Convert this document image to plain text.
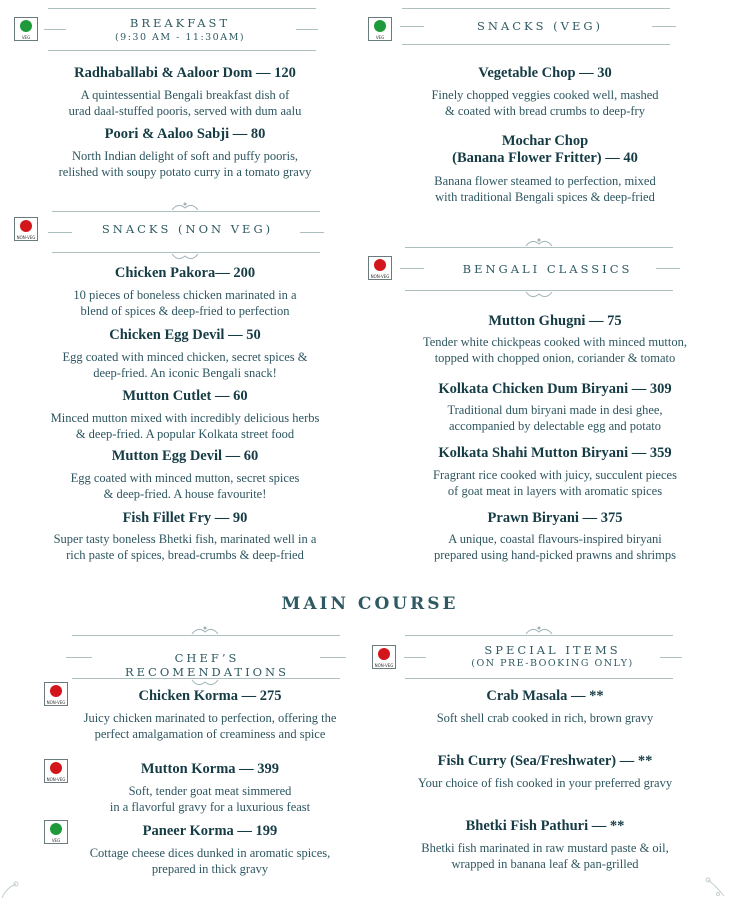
VEG
BREAKFAST
(9:30 AM - 11:30AM)
Radhaballabi & Aaloor Dom — 120
A quintessential Bengali breakfast dish of
urad daal-stuffed pooris, served with dum aalu
Poori & Aaloo Sabji — 80
North Indian delight of soft and puffy pooris,
relished with soupy potato curry in a tomato gravy
NON-VEG
SNACKS (NON VEG)
Chicken Pakora— 200
10 pieces of boneless chicken marinated in a
blend of spices & deep-fried to perfection
Chicken Egg Devil — 50
Egg coated with minced chicken, secret spices &
deep-fried. An iconic Bengali snack!
Mutton Cutlet — 60
Minced mutton mixed with incredibly delicious herbs
& deep-fried. A popular Kolkata street food
Mutton Egg Devil — 60
Egg coated with minced mutton, secret spices
& deep-fried. A house favourite!
Fish Fillet Fry — 90
Super tasty boneless Bhetki fish, marinated well in a
rich paste of spices, bread-crumbs & deep-fried
VEG
SNACKS (VEG)
Vegetable Chop — 30
Finely chopped veggies cooked well, mashed
& coated with bread crumbs to deep-fry
Mochar Chop
(Banana Flower Fritter) — 40
Banana flower steamed to perfection, mixed
with traditional Bengali spices & deep-fried
NON-VEG
BENGALI CLASSICS
Mutton Ghugni — 75
Tender white chickpeas cooked with minced mutton,
topped with chopped onion, coriander & tomato
Kolkata Chicken Dum Biryani — 309
Traditional dum biryani made in desi ghee,
accompanied by delectable egg and potato
Kolkata Shahi Mutton Biryani — 359
Fragrant rice cooked with juicy, succulent pieces
of goat meat in layers with aromatic spices
Prawn Biryani — 375
A unique, coastal flavours-inspired biryani
prepared using hand-picked prawns and shrimps
MAIN COURSE
CHEF’S RECOMENDATIONS
NON-VEG	Chicken Korma — 275
Juicy chicken marinated to perfection, offering the
perfect amalgamation of creaminess and spice
NON-VEG
Mutton Korma — 399
Soft, tender goat meat simmered
in a flavorful gravy for a luxurious feast
VEG
Paneer Korma — 199
Cottage cheese dices dunked in aromatic spices,
prepared in thick gravy
NON-VEG
SPECIAL ITEMS
(ON PRE-BOOKING ONLY)
Crab Masala — **
Soft shell crab cooked in rich, brown gravy
Fish Curry (Sea/Freshwater) — **
Your choice of fish cooked in your preferred gravy
Bhetki Fish Pathuri — **
Bhetki fish marinated in raw mustard paste & oil,
wrapped in banana leaf & pan-grilled
